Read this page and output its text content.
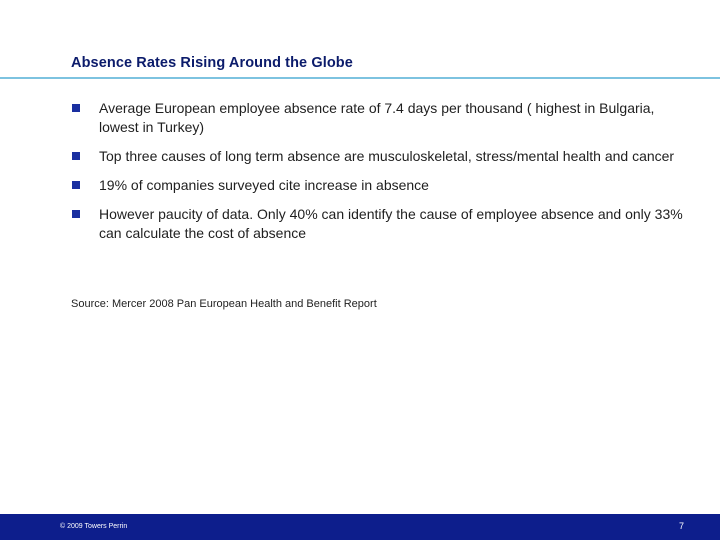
Absence Rates Rising Around the Globe
Average European employee absence rate of 7.4 days per thousand ( highest in Bulgaria, lowest in Turkey)
Top three causes of long term absence are musculoskeletal, stress/mental health and cancer
19% of companies surveyed cite increase in absence
However paucity of data. Only 40% can identify the cause of employee absence and only 33% can calculate the cost of absence
Source: Mercer 2008 Pan European Health and Benefit Report
© 2009 Towers Perrin	7
